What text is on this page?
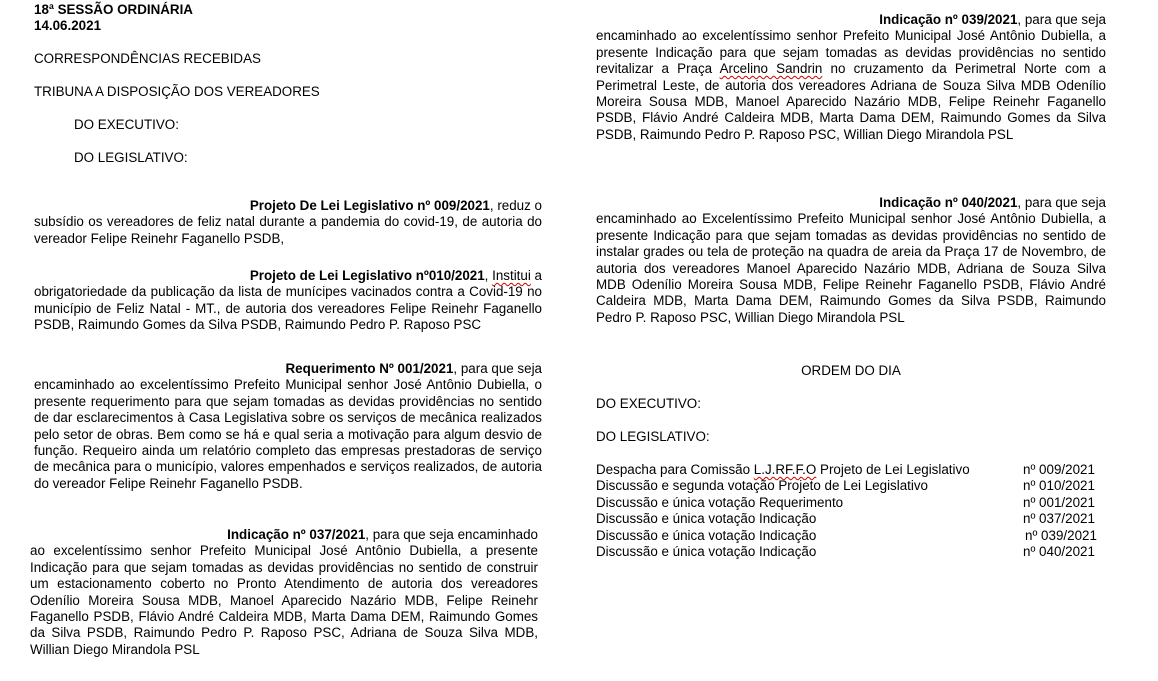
18ª SESSÃO ORDINÁRIA
14.06.2021
CORRESPONDÊNCIAS RECEBIDAS
TRIBUNA A DISPOSIÇÃO DOS VEREADORES
DO EXECUTIVO:
DO LEGISLATIVO:
Projeto De Lei Legislativo nº 009/2021, reduz o
subsídio os vereadores de feliz natal durante a pandemia do covid-19, de autoria do vereador Felipe Reinehr Faganello PSDB,
Projeto de Lei Legislativo nº010/2021, Institui a
obrigatoriedade da publicação da lista de munícipes vacinados contra a Covid-19 no município de Feliz Natal - MT., de autoria dos vereadores Felipe Reinehr Faganello PSDB, Raimundo Gomes da Silva PSDB, Raimundo Pedro P. Raposo PSC
Requerimento Nº 001/2021, para que seja
encaminhado ao excelentíssimo Prefeito Municipal senhor José Antônio Dubiella, o presente requerimento para que sejam tomadas as devidas providências no sentido de dar esclarecimentos à Casa Legislativa sobre os serviços de mecânica realizados pelo setor de obras. Bem como se há e qual seria a motivação para algum desvio de função. Requeiro ainda um relatório completo das empresas prestadoras de serviço de mecânica para o município, valores empenhados e serviços realizados, de autoria do vereador Felipe Reinehr Faganello PSDB.
Indicação nº 037/2021, para que seja encaminhado
ao excelentíssimo senhor Prefeito Municipal José Antônio Dubiella, a presente Indicação para que sejam tomadas as devidas providências no sentido de construir um estacionamento coberto no Pronto Atendimento de autoria dos vereadores Odenílio Moreira Sousa MDB, Manoel Aparecido Nazário MDB, Felipe Reinehr Faganello PSDB, Flávio André Caldeira MDB, Marta Dama DEM, Raimundo Gomes da Silva PSDB, Raimundo Pedro P. Raposo PSC, Adriana de Souza Silva MDB, Willian Diego Mirandola PSL
Indicação nº 039/2021, para que seja
encaminhado ao excelentíssimo senhor Prefeito Municipal José Antônio Dubiella, a presente Indicação para que sejam tomadas as devidas providências no sentido revitalizar a Praça Arcelino Sandrin no cruzamento da Perimetral Norte com a Perimetral Leste, de autoria dos vereadores Adriana de Souza Silva MDB Odenílio Moreira Sousa MDB, Manoel Aparecido Nazário MDB, Felipe Reinehr Faganello PSDB, Flávio André Caldeira MDB, Marta Dama DEM, Raimundo Gomes da Silva PSDB, Raimundo Pedro P. Raposo PSC, Willian Diego Mirandola PSL
Indicação nº 040/2021, para que seja
encaminhado ao Excelentíssimo Prefeito Municipal senhor José Antônio Dubiella, a presente Indicação para que sejam tomadas as devidas providências no sentido de instalar grades ou tela de proteção na quadra de areia da Praça 17 de Novembro, de autoria dos vereadores Manoel Aparecido Nazário MDB, Adriana de Souza Silva MDB Odenílio Moreira Sousa MDB, Felipe Reinehr Faganello PSDB, Flávio André Caldeira MDB, Marta Dama DEM, Raimundo Gomes da Silva PSDB, Raimundo Pedro P. Raposo PSC, Willian Diego Mirandola PSL
ORDEM DO DIA
DO EXECUTIVO:
DO LEGISLATIVO:
Despacha para Comissão L.J.RF.F.O Projeto de Lei Legislativo	nº 009/2021
Discussão e segunda votação Projeto de Lei Legislativo	nº 010/2021
Discussão e única votação Requerimento	nº 001/2021
Discussão e única votação Indicação	nº 037/2021
Discussão e única votação Indicação	nº 039/2021
Discussão e única votação Indicação	nº 040/2021
